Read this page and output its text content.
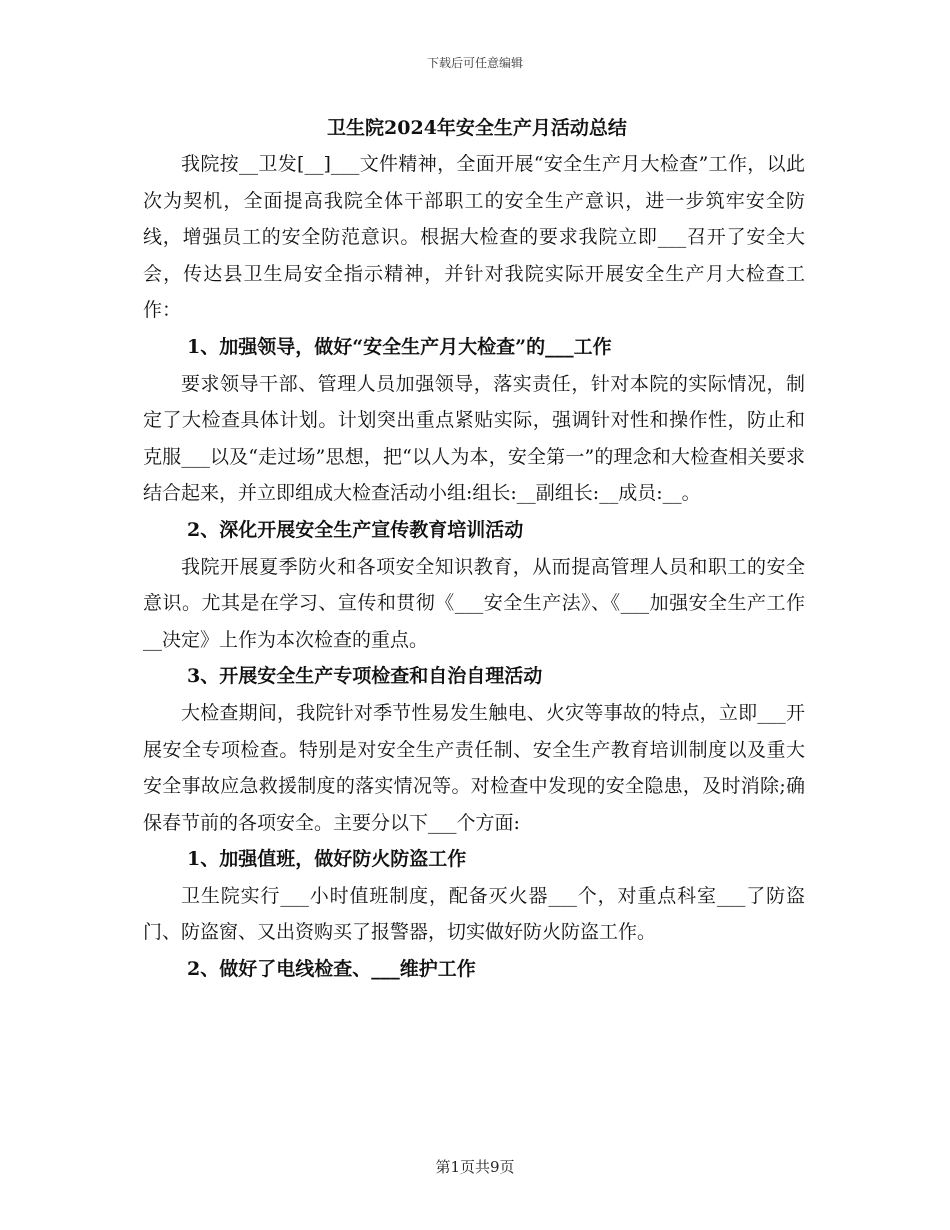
下载后可任意编辑
卫生院2024年安全生产月活动总结

我院按__卫发[__]___文件精神，全面开展“安全生产月大检查”工作，以此次为契机，全面提高我院全体干部职工的安全生产意识，进一步筑牢安全防线，增强员工的安全防范意识。根据大检查的要求我院立即___召开了安全大会，传达县卫生局安全指示精神，并针对我院实际开展安全生产月大检查工作：

1、加强领导，做好“安全生产月大检查”的___工作

要求领导干部、管理人员加强领导，落实责任，针对本院的实际情况，制定了大检查具体计划。计划突出重点紧贴实际，强调针对性和操作性，防止和克服___以及“走过场”思想，把“以人为本，安全第一”的理念和大检查相关要求结合起来，并立即组成大检查活动小组:组长:__副组长:__成员:__。

2、深化开展安全生产宣传教育培训活动

我院开展夏季防火和各项安全知识教育，从而提高管理人员和职工的安全意识。尤其是在学习、宣传和贯彻《___安全生产法》、《___加强安全生产工作__决定》上作为本次检查的重点。

3、开展安全生产专项检查和自治自理活动

大检查期间，我院针对季节性易发生触电、火灾等事故的特点，立即___开展安全专项检查。特别是对安全生产责任制、安全生产教育培训制度以及重大安全事故应急救援制度的落实情况等。对检查中发现的安全隐患，及时消除;确保春节前的各项安全。主要分以下___个方面:

1、加强值班，做好防火防盗工作

卫生院实行___小时值班制度，配备灭火器___个，对重点科室___了防盗门、防盗窗、又出资购买了报警器，切实做好防火防盗工作。

2、做好了电线检查、___维护工作

第1页共9页
